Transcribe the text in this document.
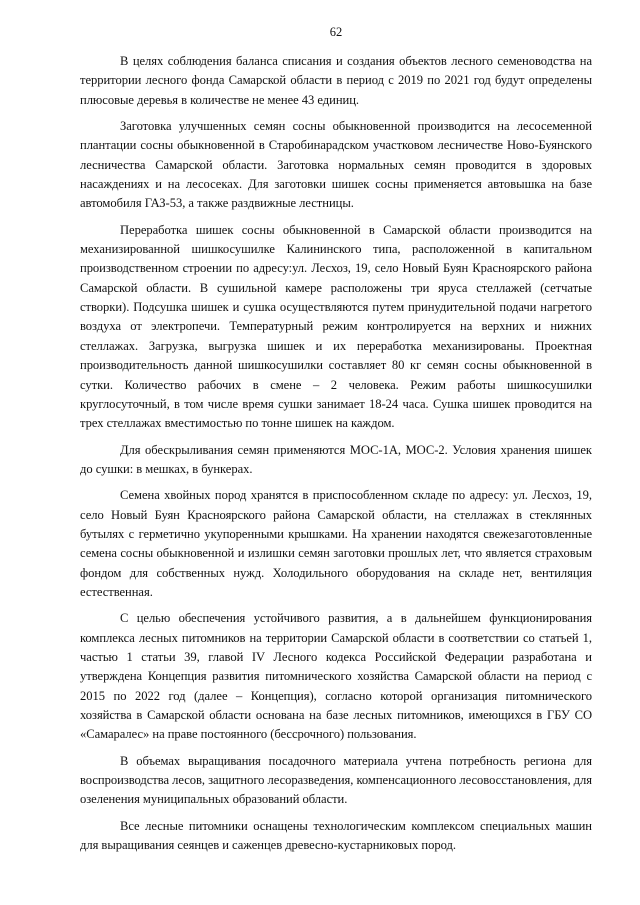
62

В целях соблюдения баланса списания и создания объектов лесного семеноводства на территории лесного фонда Самарской области в период с 2019 по 2021 год будут определены плюсовые деревья в количестве не менее 43 единиц.

Заготовка улучшенных семян сосны обыкновенной производится на лесосеменной плантации сосны обыкновенной в Старобинарадском участковом лесничестве Ново-Буянского лесничества Самарской области. Заготовка нормальных семян проводится в здоровых насаждениях и на лесосеках. Для заготовки шишек сосны применяется автовышка на базе автомобиля ГАЗ-53, а также раздвижные лестницы.

Переработка шишек сосны обыкновенной в Самарской области производится на механизированной шишкосушилке Калининского типа, расположенной в капитальном производственном строении по адресу:ул. Лесхоз, 19, село Новый Буян Красноярского района Самарской области. В сушильной камере расположены три яруса стеллажей (сетчатые створки). Подсушка шишек и сушка осуществляются путем принудительной подачи нагретого воздуха от электропечи. Температурный режим контролируется на верхних и нижних стеллажах. Загрузка, выгрузка шишек и их переработка механизированы. Проектная производительность данной шишкосушилки составляет 80 кг семян сосны обыкновенной в сутки. Количество рабочих в смене – 2 человека. Режим работы шишкосушилки круглосуточный, в том числе время сушки занимает 18-24 часа. Сушка шишек проводится на трех стеллажах вместимостью по тонне шишек на каждом.

Для обескрыливания семян применяются МОС-1А, МОС-2. Условия хранения шишек до сушки: в мешках, в бункерах.

Семена хвойных пород хранятся в приспособленном складе по адресу: ул. Лесхоз, 19, село Новый Буян Красноярского района Самарской области, на стеллажах в стеклянных бутылях с герметично укупоренными крышками. На хранении находятся свежезаготовленные семена сосны обыкновенной и излишки семян заготовки прошлых лет, что является страховым фондом для собственных нужд. Холодильного оборудования на складе нет, вентиляция естественная.

С целью обеспечения устойчивого развития, а в дальнейшем функционирования комплекса лесных питомников на территории Самарской области в соответствии со статьей 1, частью 1 статьи 39, главой IV Лесного кодекса Российской Федерации разработана и утверждена Концепция развития питомнического хозяйства Самарской области на период с 2015 по 2022 год (далее – Концепция), согласно которой организация питомнического хозяйства в Самарской области основана на базе лесных питомников, имеющихся в ГБУ СО «Самаралес» на праве постоянного (бессрочного) пользования.

В объемах выращивания посадочного материала учтена потребность региона для воспроизводства лесов, защитного лесоразведения, компенсационного лесовосстановления, для озеленения муниципальных образований области.

Все лесные питомники оснащены технологическим комплексом специальных машин для выращивания сеянцев и саженцев древесно-кустарниковых пород.
